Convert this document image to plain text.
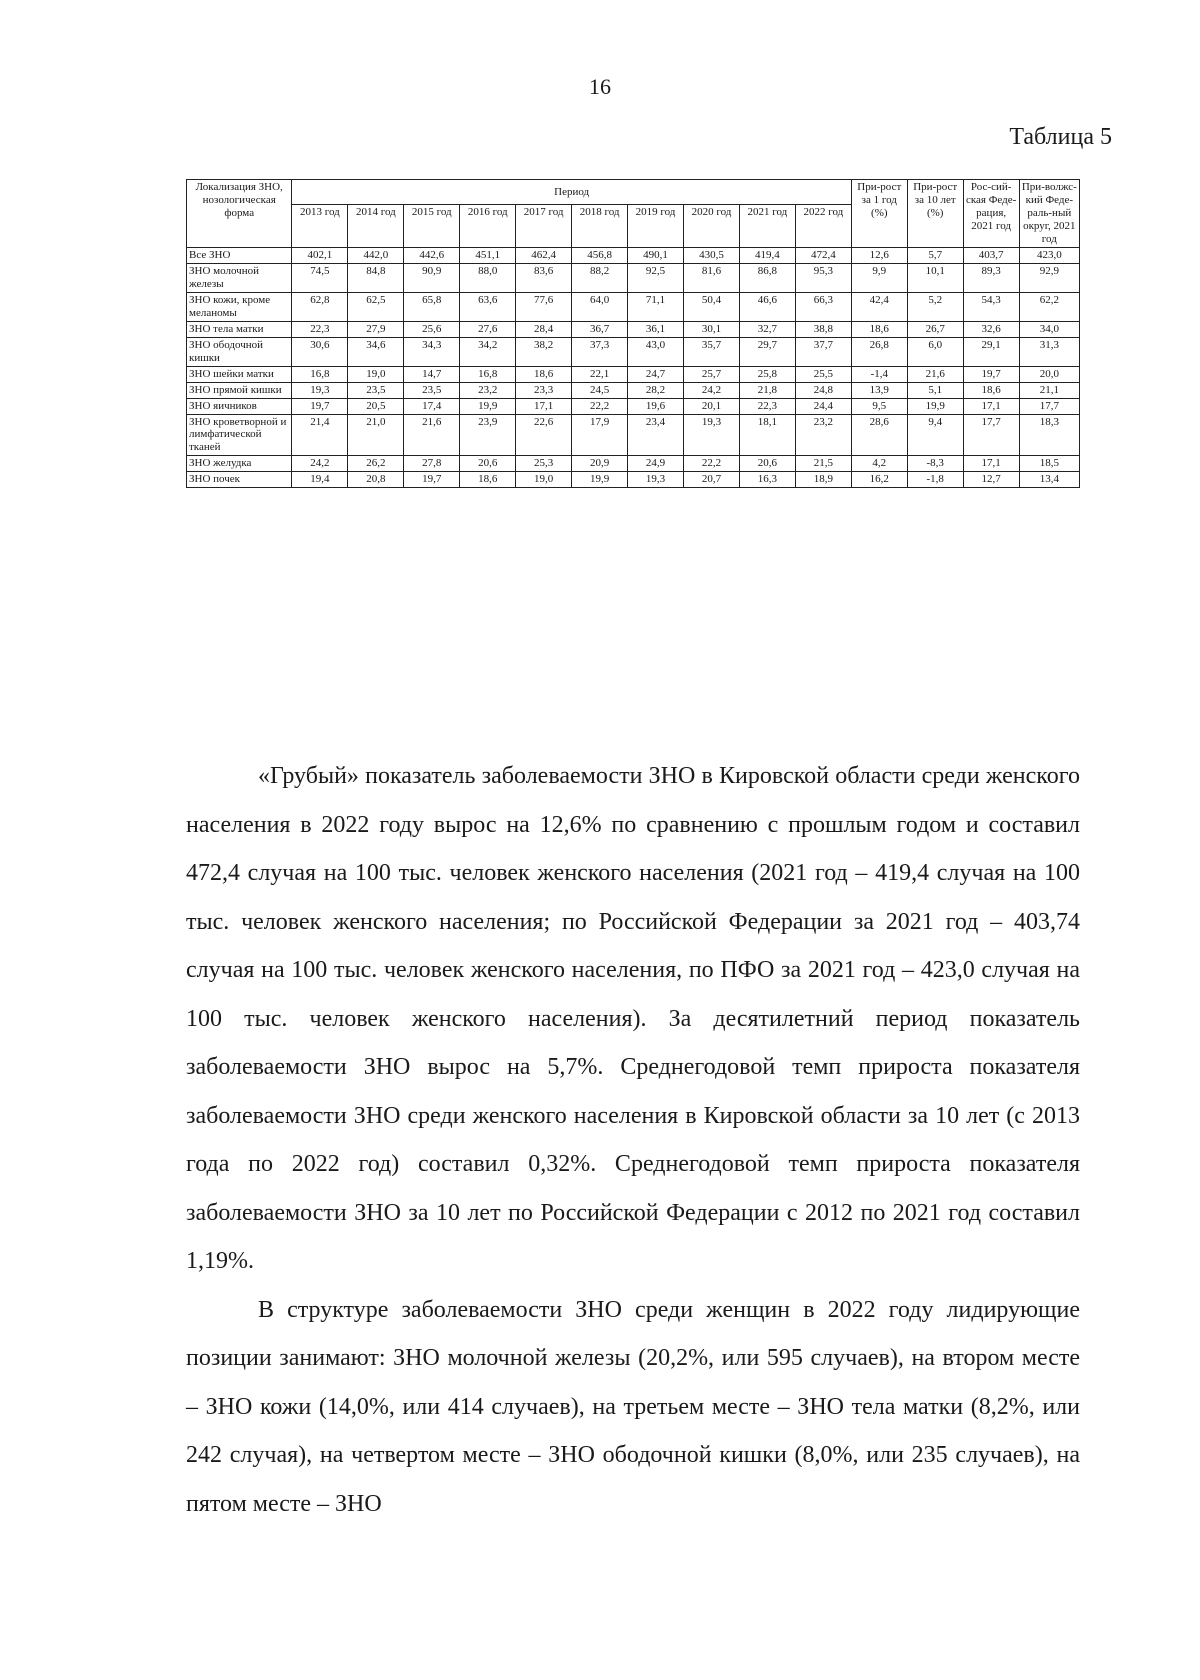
16
Таблица 5
Локализация ЗНО, нозологическая форма	Период										При-рост за 1 год (%)	При-рост за 10 лет (%)	Рос-сий-ская Феде-рация, 2021 год	При-волжс-кий Феде-раль-ный округ, 2021 год
	2013 год	2014 год	2015 год	2016 год	2017 год	2018 год	2019 год	2020 год	2021 год	2022 год				
Все ЗНО	402,1	442,0	442,6	451,1	462,4	456,8	490,1	430,5	419,4	472,4	12,6	5,7	403,7	423,0
ЗНО молочной железы	74,5	84,8	90,9	88,0	83,6	88,2	92,5	81,6	86,8	95,3	9,9	10,1	89,3	92,9
ЗНО кожи, кроме меланомы	62,8	62,5	65,8	63,6	77,6	64,0	71,1	50,4	46,6	66,3	42,4	5,2	54,3	62,2
ЗНО тела матки	22,3	27,9	25,6	27,6	28,4	36,7	36,1	30,1	32,7	38,8	18,6	26,7	32,6	34,0
ЗНО ободочной кишки	30,6	34,6	34,3	34,2	38,2	37,3	43,0	35,7	29,7	37,7	26,8	6,0	29,1	31,3
ЗНО шейки матки	16,8	19,0	14,7	16,8	18,6	22,1	24,7	25,7	25,8	25,5	-1,4	21,6	19,7	20,0
ЗНО прямой кишки	19,3	23,5	23,5	23,2	23,3	24,5	28,2	24,2	21,8	24,8	13,9	5,1	18,6	21,1
ЗНО яичников	19,7	20,5	17,4	19,9	17,1	22,2	19,6	20,1	22,3	24,4	9,5	19,9	17,1	17,7
ЗНО кроветворной и лимфатической тканей	21,4	21,0	21,6	23,9	22,6	17,9	23,4	19,3	18,1	23,2	28,6	9,4	17,7	18,3
ЗНО желудка	24,2	26,2	27,8	20,6	25,3	20,9	24,9	22,2	20,6	21,5	4,2	-8,3	17,1	18,5
ЗНО почек	19,4	20,8	19,7	18,6	19,0	19,9	19,3	20,7	16,3	18,9	16,2	-1,8	12,7	13,4

«Грубый» показатель заболеваемости ЗНО в Кировской области среди женского населения в 2022 году вырос на 12,6% по сравнению с прошлым годом и составил 472,4 случая на 100 тыс. человек женского населения (2021 год – 419,4 случая на 100 тыс. человек женского населения; по Российской Федерации за 2021 год – 403,74 случая на 100 тыс. человек женского населения, по ПФО за 2021 год – 423,0 случая на 100 тыс. человек женского населения). За десятилетний период показатель заболеваемости ЗНО вырос на 5,7%. Среднегодовой темп прироста показателя заболеваемости ЗНО среди женского населения в Кировской области за 10 лет (с 2013 года по 2022 год) составил 0,32%. Среднегодовой темп прироста показателя заболеваемости ЗНО за 10 лет по Российской Федерации с 2012 по 2021 год составил 1,19%.

В структуре заболеваемости ЗНО среди женщин в 2022 году лидирующие позиции занимают: ЗНО молочной железы (20,2%, или 595 случаев), на втором месте – ЗНО кожи (14,0%, или 414 случаев), на третьем месте – ЗНО тела матки (8,2%, или 242 случая), на четвертом месте – ЗНО ободочной кишки (8,0%, или 235 случаев), на пятом месте – ЗНО
